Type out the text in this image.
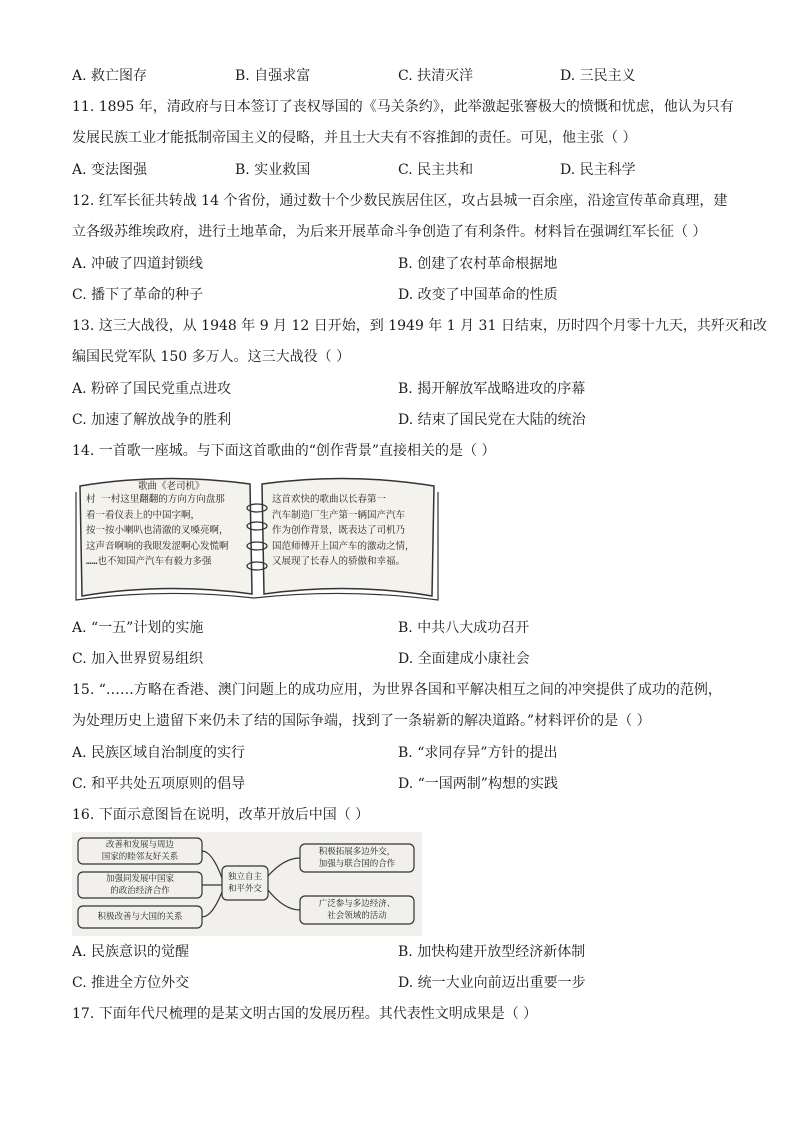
A. 救亡图存	B. 自强求富	C. 扶清灭洋	D. 三民主义
11. 1895 年，清政府与日本签订了丧权辱国的《马关条约》，此举激起张謇极大的愤慨和忧虑，他认为只有
发展民族工业才能抵制帝国主义的侵略，并且士大夫有不容推卸的责任。可见，他主张（ ）
A. 变法图强	B. 实业救国	C. 民主共和	D. 民主科学
12. 红军长征共转战 14 个省份，通过数十个少数民族居住区，攻占县城一百余座，沿途宣传革命真理，建
立各级苏维埃政府，进行土地革命，为后来开展革命斗争创造了有利条件。材料旨在强调红军长征（ ）
A. 冲破了四道封锁线	B. 创建了农村革命根据地
C. 播下了革命的种子	D. 改变了中国革命的性质
13. 这三大战役，从 1948 年 9 月 12 日开始，到 1949 年 1 月 31 日结束，历时四个月零十九天，共歼灭和改
编国民党军队 150 多万人。这三大战役（ ）
A. 粉碎了国民党重点进攻	B. 揭开解放军战略进攻的序幕
C. 加速了解放战争的胜利	D. 结束了国民党在大陆的统治
14. 一首歌一座城。与下面这首歌曲的“创作背景”直接相关的是（ ）
歌曲《老司机》
村 一村这里翻翻的方向方向盘那
看一看仪表上的中国字啊，
按一按小喇叭也清澈的叉嗓亮啊，
这声音啊响的我眼发涩啊心发慌啊
……也不知国产汽车有毅力多强
这首欢快的歌曲以长春第一
汽车制造厂生产第一辆国产汽车
作为创作背景，既表达了司机乃
国范师傅开上国产车的激动之情，
又展现了长春人的骄傲和幸福。
A. “一五”计划的实施	B. 中共八大成功召开
C. 加入世界贸易组织	D. 全面建成小康社会
15. “……方略在香港、澳门问题上的成功应用，为世界各国和平解决相互之间的冲突提供了成功的范例，
为处理历史上遗留下来仍未了结的国际争端，找到了一条崭新的解决道路。”材料评价的是（ ）
A. 民族区域自治制度的实行	B. “求同存异”方针的提出
C. 和平共处五项原则的倡导	D. “一国两制”构想的实践
16. 下面示意图旨在说明，改革开放后中国（ ）
改善和发展与周边
国家的睦邻友好关系
加强同发展中国家
的政治经济合作
积极改善与大国的关系
独立自主
和平外交
积极拓展多边外交，
加强与联合国的合作
广泛参与多边经济、
社会领域的活动
A. 民族意识的觉醒	B. 加快构建开放型经济新体制
C. 推进全方位外交	D. 统一大业向前迈出重要一步
17. 下面年代尺梳理的是某文明古国的发展历程。其代表性文明成果是（ ）
